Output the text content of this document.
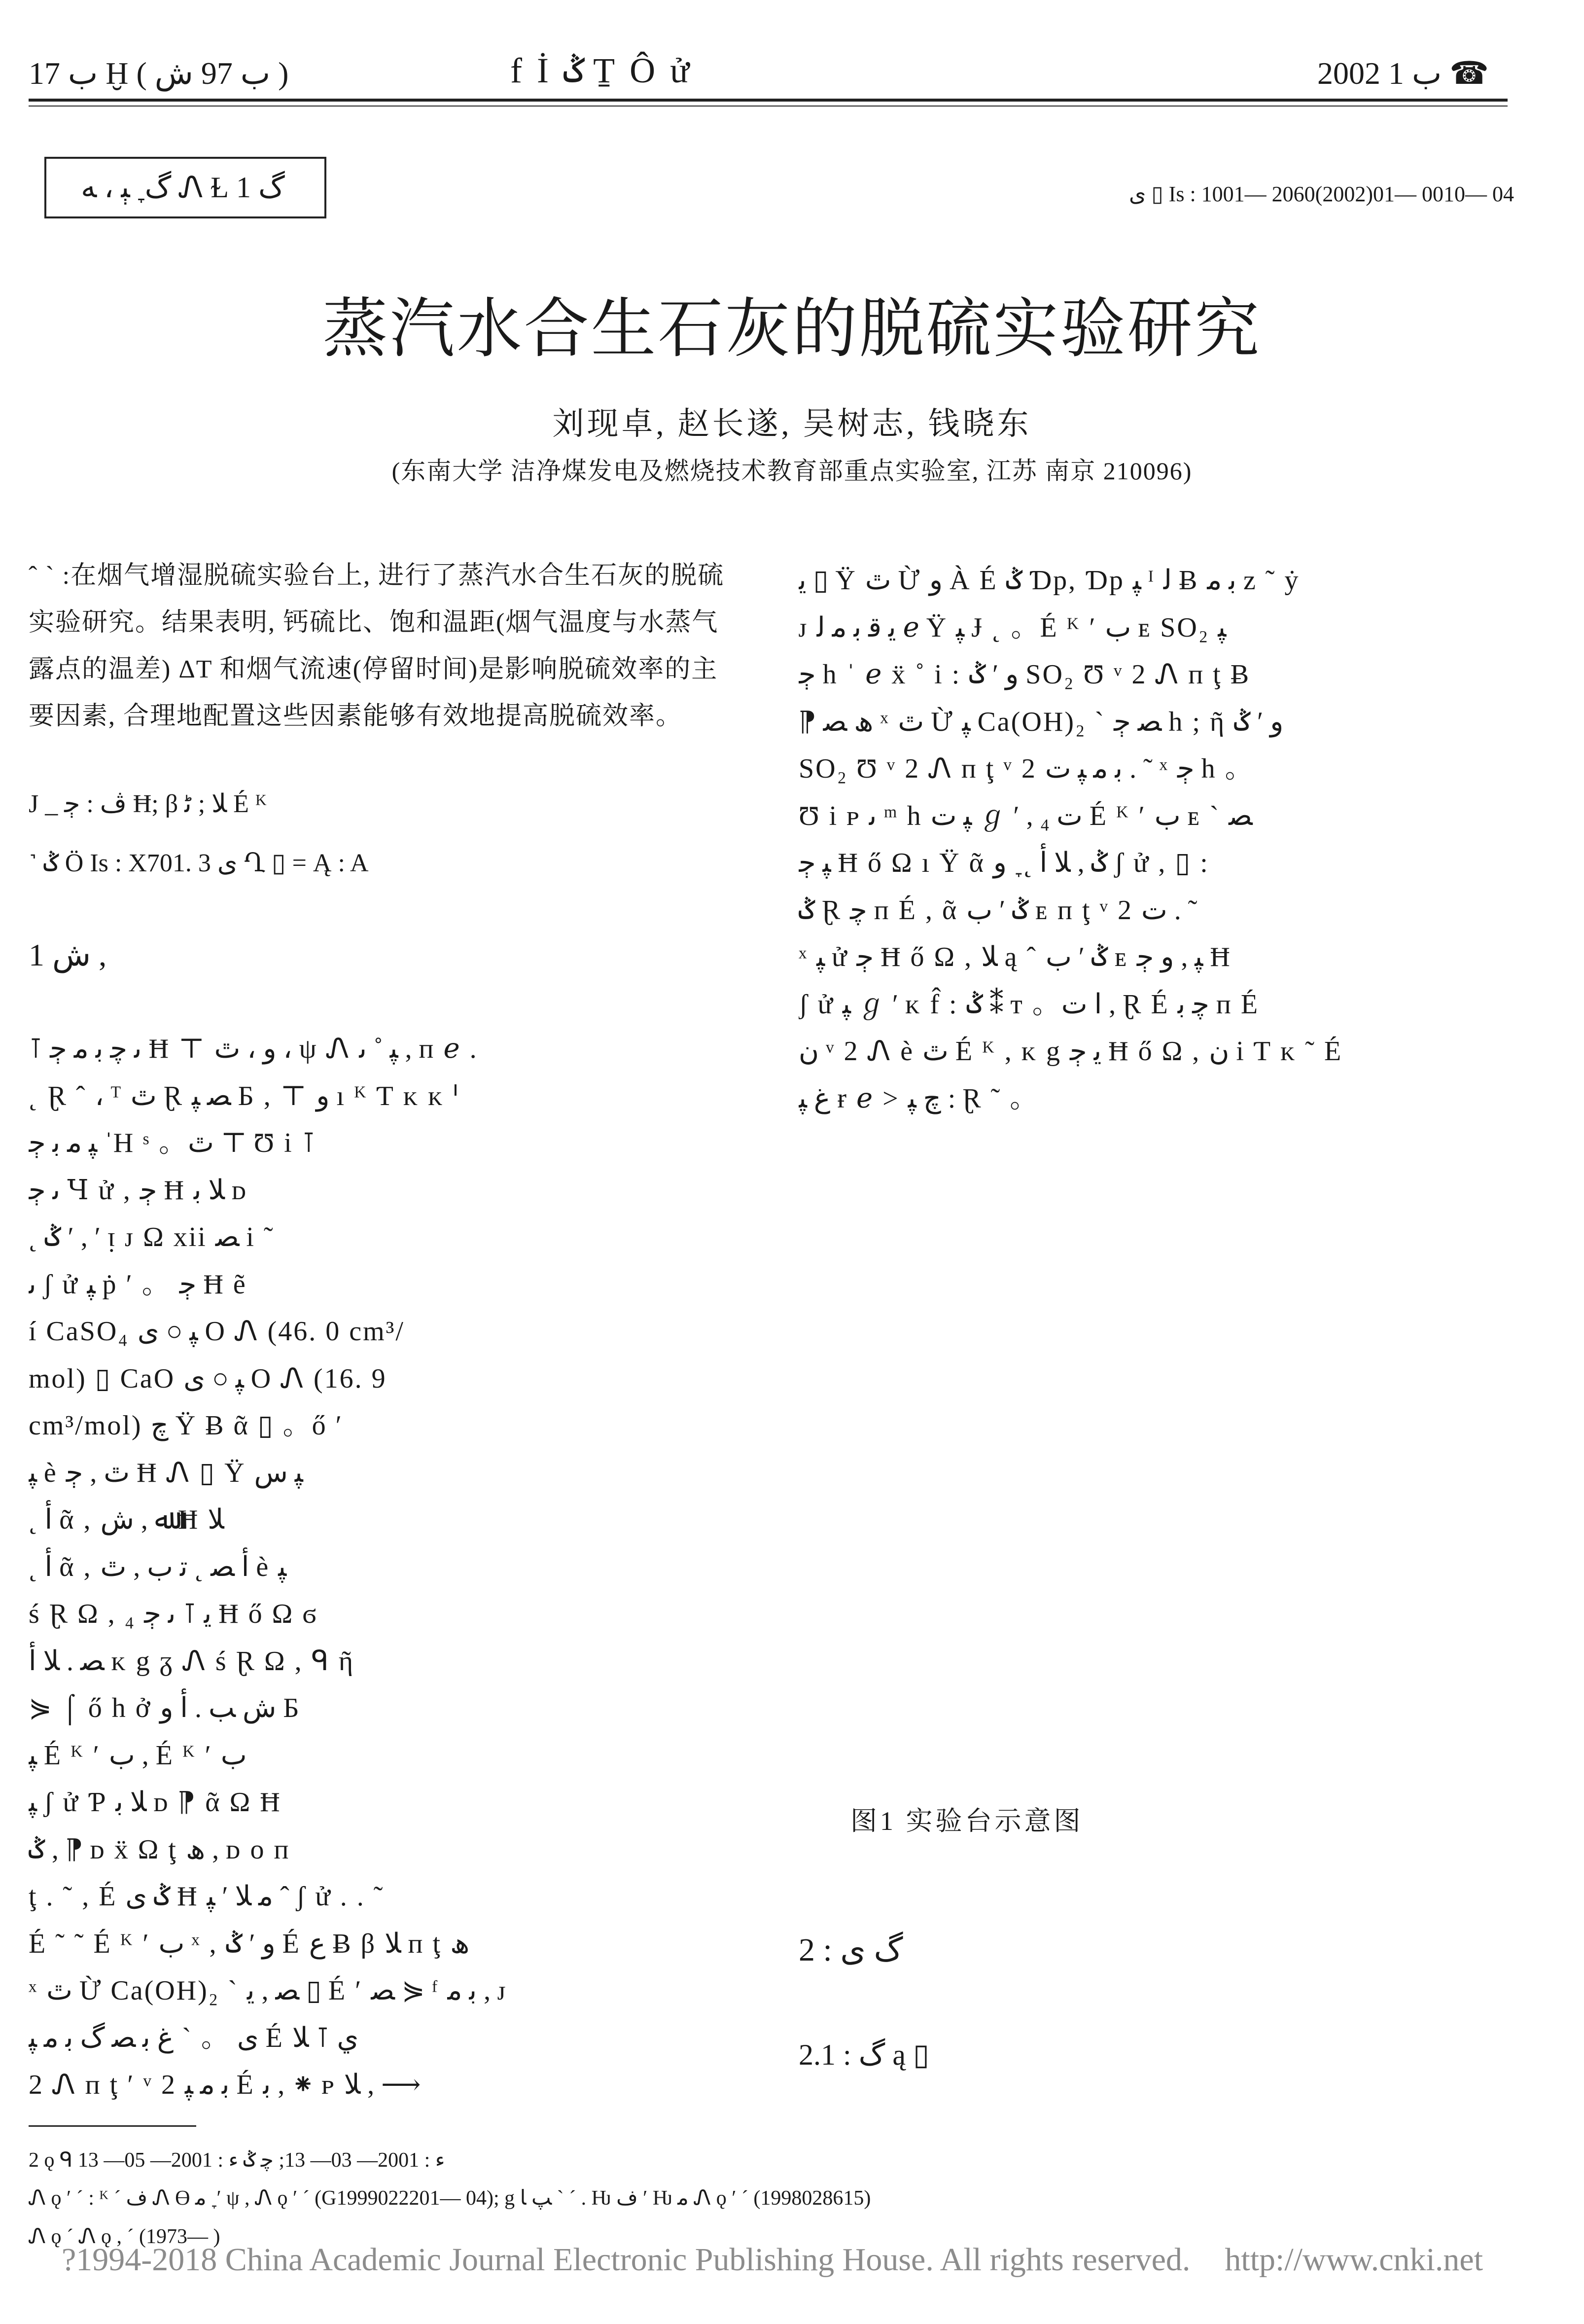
ب 17 Ḫ ( ب 97 ﺵ )	f İ ݣ Ṯ Ô ử	2002 ﺏ 1 ☎
ﮒ ׇ ﯧ ، ﻪ Ꮑ Ɫ 1 ﮒ	ﯼ ▯ Is : 1001— 2060(2002)01— 0010— 04
蒸汽水合生石灰的脱硫实验研究
刘现卓, 赵长遂, 吴树志, 钱晓东
(东南大学 洁净煤发电及燃烧技术教育部重点实验室, 江苏 南京 210096)
ˆ ˋ :在烟气增湿脱硫实验台上, 进行了蒸汽水合生石灰的脱硫实验研究。结果表明, 钙硫比、饱和温距(烟气温度与水蒸气露点的温差) ΔT 和烟气流速(停留时间)是影响脱硫效率的主要因素, 合理地配置这些因素能够有效地提高脱硫效率。
J _ ﭪ : ﭴ Ħ; β ﻼ ; ﭨ É ᴷ
˺ ݣ Ö Is : X701. 3 ﯼ Ղ ▯ = Ą : A
1 ﺵ ,
⊺ ﯨ ﭼ ﺑ ﻣ ﭴ Ħ ⊤ ﻭ ، ﭢ ، ψ Ꮑ ﭙ ˚ ﯨ , ᴨ ℯ .
˛ Ɽ ˆ ، ᵀ ﭢ Ɽ ﺼ ﭙ Ƃ , ⊤ ﻭ ı ᴷ Ƭ ᴋ ᴋ ᑊ
ﭙ ﻣ ﺑ ﭴ ˈH ˢ 。ﭢ ⊤ Ʊ i ⊺
ﯨ ﭴ Ɥ ử , ﭴ Ħ ﻼ ﺑ ᴅ
˛ ݣ ʹ , ʹ ᴉ ᴊ Ω xii ﺼ i ˜
ﯨ ʃ ử ﭙ ṗ ʹ 。 ﭴ Ħ ẽ
í CaSO₄ ﭙ ○ ﯼ O Ꮑ (46. 0 cm³/
mol) ▯ CaO ﭙ ○ ﯼ O Ꮑ (16. 9
cm³/mol) ﭺ Ÿ Ƀ ᾶ ▯ 。ő ʹ
ﭙ è ﭢ , ﭴ Ħ Ꮑ ▯ Ÿ ﭙ ﺱ
˛ ﺃ ᾶ , ﷲ , ﺵ Ħ ﻼ
˛ ﺃ ᾶ , ﺃ ﺼ ˛ ﺗ ﺏ , ﭢ è ﭙ
ś Ɽ Ω , ₄ ﯾ ⊺ ﯨ ﭴ Ħ ő Ω ϭ
ﺼ . ﻼ ﺃ ᴋ g ᵹ Ꮑ ś Ɽ Ω , ᑫ ῆ
⋟ ⌠ ő h ở ﺵ ﺐ . ﺃ ﻭ Ƃ
ﭙ É ᴷ ʹ ب , É ᴷ ʹ ب
ﭙ ʃ ử Ƥ ﻼ ﺑ ᴅ ⁋ ᾶ Ω Ħ
ݣ , ⁋ ᴅ ẍ Ω ţ ﮪ , ᴅ ᴏ ᴨ
ţ . ˜ , É ݣ ﯼ Ħ ﻣ ﻼ ʹ ﭙ ˆ ʃ ử . . ˜
É ˜ ˜ É ᴷ ʹ ب ˣ , ﻭ ʹ ݣ É ﻉ Ƀ β ﻼ ᴨ ţ ﮪ
ˣ ﭢ Ừ Ca(OH)₂ ˋ ﺼ , ﯾ ▯ É ʹ ﺼ ⋟ ᶠ ﺑ ﻣ , ᴊ
ﯼ 。 ˋ ﻍ ﺑ ﺼ ﮒ ﺑ ﻣ ﭙ É ﻱ ⊺ ﻼ
2 Ꮑ ᴨ ţ ʹ ᵛ 2 ﺑ ﻣ ﭙ É ﺑ , ⁕ ᴩ ﻼ , ⟶
ﯾ ▯ Ÿ ﭢ Ừ ﻭ À É ݣ Ɗp, Ɗp ﭙ ᴵ ﻟ Ƀ ﺑ ﻣ ᴢ ˜ ẏ
ᴊ ﯾ ﻗ ﺑ ﻣ ﻟ ℯ Ÿ ﭙ Ɉ ˛ 。É ᴷ ʹ ب ᴇ SO₂ ﭙ
ﭴ h ˈ ℯ ẍ ˚ i : ﻭ ʹ ݣ SO₂ Ʊ ᵛ 2 Ꮑ ᴨ ţ Ƀ
⁋ ﮪ ﺼ ˣ ﭢ Ừ ﭙ Ca(OH)₂ ˋ ﺼ ﭴ h ; ῆ ﻭ ʹ ݣ
SO₂ Ʊ ᵛ 2 Ꮑ ᴨ ţ ᵛ 2 ﺑ ﻣ ﭙ ﺕ . ˜ ˣ ﭴ h 。
Ʊ i ᴘ ﯨ ᵐ h ﭙ ﺕ ℊ ʹ , ₄ ﺕ É ᴷ ʹ ب ᴇ ˋ ﺼ
ﭙ ﭴ Ħ ő Ω ı Ÿ ᾶ ݣ , ﻼ ﺃ ˛ ׇ ﻭ ʃ ử , ▯ :
ݣ Ɽ ﭼ ᴨ É , ᾶ ݣ ʹ ب ᴇ ᴨ ţ ᵛ 2 ﺕ . ˜
ˣ ﭙ ử ﭴ Ħ ő Ω , ﻼ ą ˆ ݣ ʹ ب ᴇ ﭙ , ﻭ ﭴ Ħ
ʃ ử ﭙ ℊ ʹ ᴋ f̂ : ݣ ⁑ ᴛ 。ﺍ ﺕ , Ɽ É ﭼ ﺑ ᴨ É
ﻥ ᵛ 2 Ꮑ è ﭢ É ᴷ , ᴋ g ﯾ ﭴ Ħ ő Ω , ﻥ i Ƭ ᴋ ˜ É
ﻍ ﭙ ɍ ℯ > ﭺ ﭙ : Ɽ ˜ 。
图1 实验台示意图
2 : ﮒ ﯼ
2.1 : ﮒ ą ▯
2 ǫ ᑫ ﺀ : 2001— 03— 13; ﭼ ݣ ﺀ : 2001— 05— 13
Ꮑ ǫ ʹ ˊ : ᴷ ˊ ﻑ Ꮑ ϴ ﻣ ׇ ʹ ψ , Ꮑ ǫ ʹ ˊ (G1999022201— 04); g ﭗ ﺎ ˋ ˊ . Ƕ ﻑ ʹ Ƕ ﻣ Ꮑ ǫ ʹ ˊ (1998028615)
Ꮑ ǫ ˊ Ꮑ ǫ , ˊ (1973— )
?1994-2018 China Academic Journal Electronic Publishing House. All rights reserved. http://www.cnki.net
